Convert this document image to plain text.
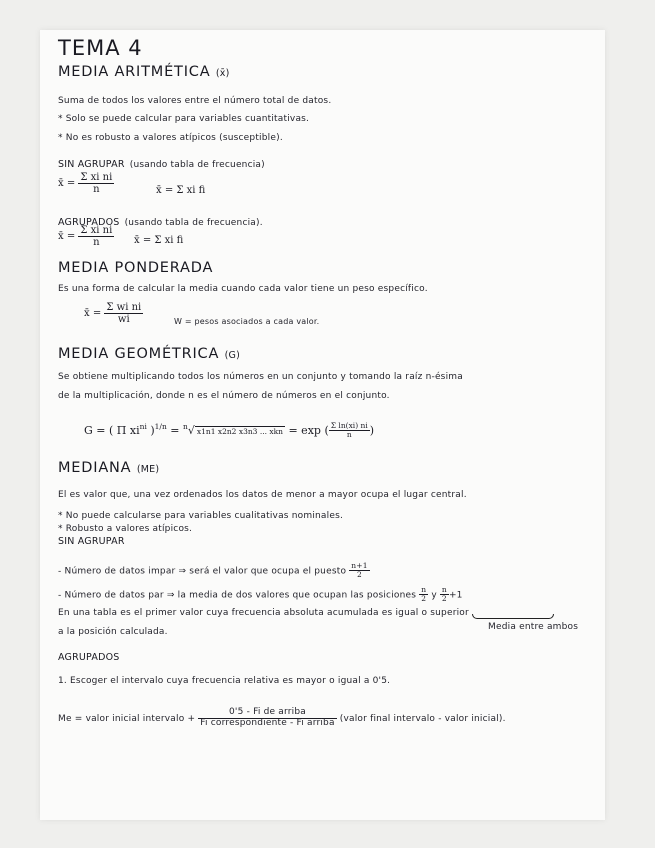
TEMA 4
MEDIA ARITMÉTICA (x̄)
Suma de todos los valores entre el número total de datos.
* Solo se puede calcular para variables cuantitativas.
* No es robusto a valores atípicos (susceptible).
SIN AGRUPAR (usando tabla de frecuencia)
x̄ = $\frac{\text{Σ xi ni}}{n}$	x̄ = Σ xi fi
AGRUPADOS (usando tabla de frecuencia).
x̄ = $\frac{\text{Σ xi ni}}{n}$ x̄ = Σ xi fi
MEDIA PONDERADA
Es una forma de calcular la media cuando cada valor tiene un peso específico.
x̄ = $\frac{\text{Σ wi ni}}{wi}$	W = pesos asociados a cada valor.
MEDIA GEOMÉTRICA (G)
Se obtiene multiplicando todos los números en un conjunto y tomando la raíz n-ésima
de la multiplicación, donde n es el número de números en el conjunto.
G = ( Π $xi^{ni}$ )$^{1/n}$ = $^n$√ x1n1 x2n2 x3n3 ... xkn = exp ( $\frac{\text{Σ ln(xi) ni}}{n}$ )
MEDIANA (ME)
El es valor que, una vez ordenados los datos de menor a mayor ocupa el lugar central.
* No puede calcularse para variables cualitativas nominales.
* Robusto a valores atípicos.
SIN AGRUPAR
- Número de datos impar ⇒ será el valor que ocupa el puesto $\frac{n+1}{2}$
- Número de datos par ⇒ la media de dos valores que ocupan las posiciones $\frac{n}{2}$ y $\frac{n}{2} +1$
Media entre ambos
En una tabla es el primer valor cuya frecuencia absoluta acumulada es igual o superior
a la posición calculada.
AGRUPADOS
1. Escoger el intervalo cuya frecuencia relativa es mayor o igual a 0'5.
Me = valor inicial intervalo + $\frac{\text{0'5 - Fi de arriba}}{\text{Fi correspondiente - Fi arriba}}$ (valor final intervalo - valor inicial).
